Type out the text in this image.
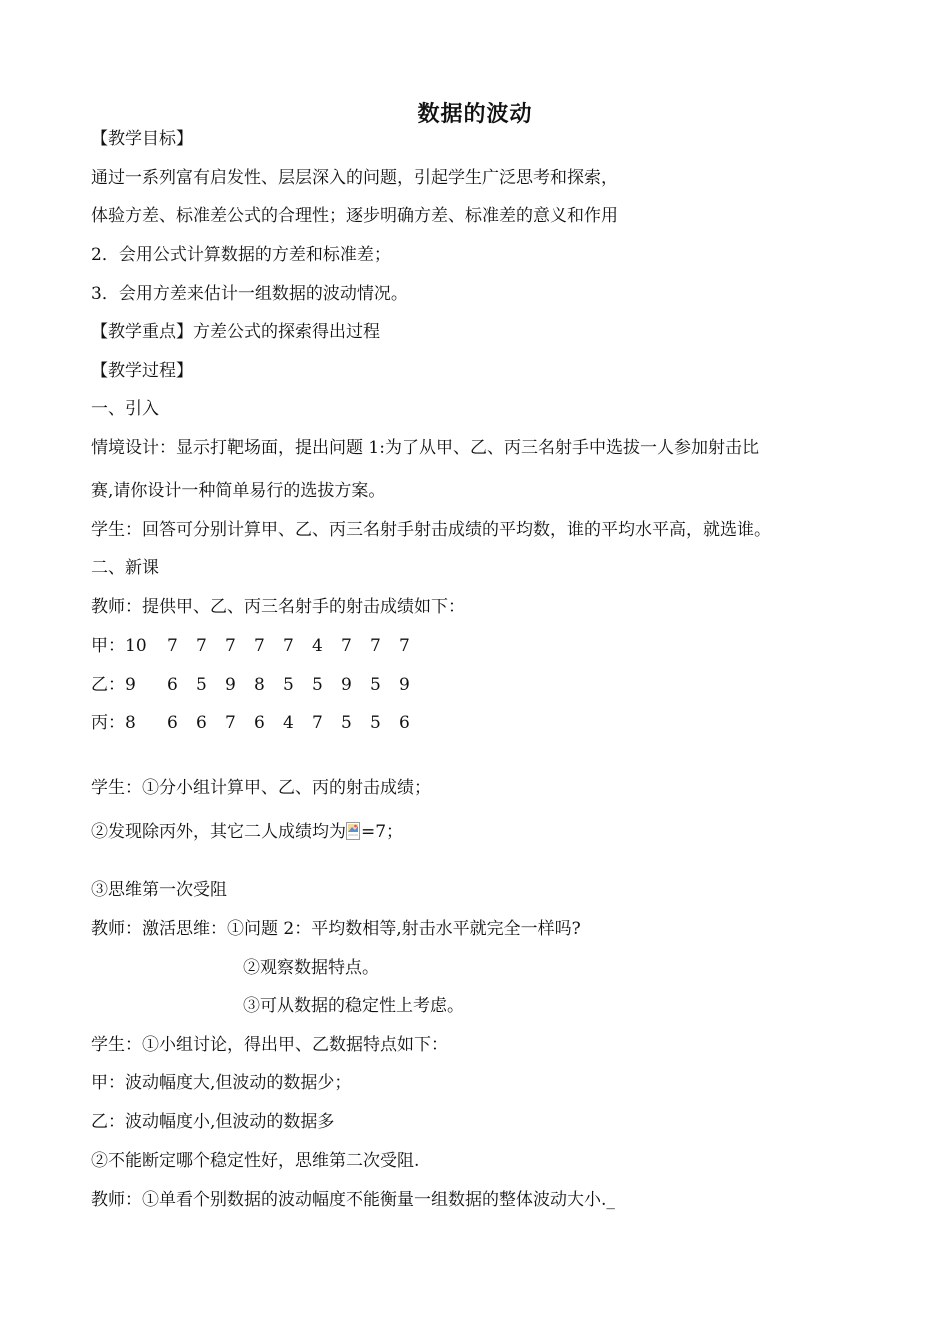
数据的波动
【教学目标】
通过一系列富有启发性、层层深入的问题，引起学生广泛思考和探索，
体验方差、标准差公式的合理性；逐步明确方差、标准差的意义和作用
2．会用公式计算数据的方差和标准差；
3．会用方差来估计一组数据的波动情况。
【教学重点】方差公式的探索得出过程
【教学过程】
一、引入
情境设计：显示打靶场面，提出问题 1:为了从甲、乙、丙三名射手中选拔一人参加射击比
赛,请你设计一种简单易行的选拔方案。
学生：回答可分别计算甲、乙、丙三名射手射击成绩的平均数，谁的平均水平高，就选谁。
二、新课
教师：提供甲、乙、丙三名射手的射击成绩如下：
甲：10 7 7 7 7 7 4 7 7 7
乙：9 6 5 9 8 5 5 9 5 9
丙：8 6 6 7 6 4 7 5 5 6
学生：①分小组计算甲、乙、丙的射击成绩；
②发现除丙外，其它二人成绩均为 =7；
③思维第一次受阻
教师：激活思维：①问题 2：平均数相等,射击水平就完全一样吗?
②观察数据特点。
③可从数据的稳定性上考虑。
学生：①小组讨论，得出甲、乙数据特点如下：
甲：波动幅度大,但波动的数据少；
乙：波动幅度小,但波动的数据多
②不能断定哪个稳定性好，思维第二次受阻.
教师：①单看个别数据的波动幅度不能衡量一组数据的整体波动大小._
